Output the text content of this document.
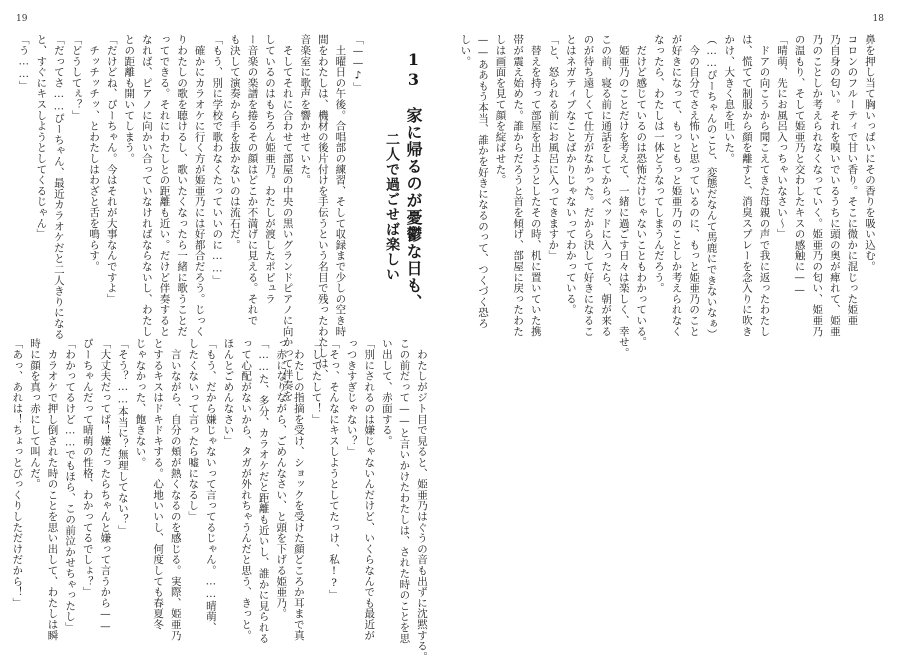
18

鼻を押し当て胸いっぱいにその香りを吸い込む。

コロンのフルーティで甘い香り。そこに微かに混じった姫亜

乃自身の匂い。それを嗅いでいるうちに頭の奥が痺れて、姫亜

乃のことしか考えられなくなっていく。姫亜乃の匂い、姫亜乃

の温もり、そして姫亜乃と交わしたキスの感触に——

「晴萌、先にお風呂入っちゃいなさい～」

　ドアの向こうから聞こえてきた母親の声で我に返ったわたし

は、慌てて制服から顔を離すと、消臭スプレーを念入りに吹き

かけ、大きく息を吐いた。

（……ぴーちゃんのこと、変態だなんて馬鹿にできないなぁ）

　今の自分でさえ怖いと思っているのに、もっと姫亜乃のこと

が好きになって、もっともっと姫亜乃のことしか考えられなく

なったら、わたしは一体どうなってしまうんだろう。

　だけど感じているのは恐怖だけじゃないこともわかっている。

　姫亜乃のことだけを考えて、一緒に過ごす日々は楽しく、幸せ。

この前、寝る前に通話をしてからベッドに入ったら、朝が来る

のが待ち遠しくて仕方がなかった。だから決して好きになるこ

とはネガティブなことばかりじゃないってわかっている。

「と、怒られる前にお風呂に入ってきますか」

　替えを持って部屋を出ようとしたその時、机に置いていた携

帯が震え始めた。誰からだろうと首を傾げ、部屋に戻ったわた

しは画面を見て顔を綻ばせた。

——ああもう本当、誰かを好きになるのって、つくづく恐ろ

しい。

19

13　家に帰るのが憂鬱な日も、

二人で過ごせば楽しい

「——♪」

　土曜日の午後。合唱部の練習、そして収録まで少しの空き時

間をわたしは、機材の後片付けを手伝うという名目で残ったわたしは、

音楽室に歌声を響かせていた。

　そしてそれに合わせて部屋の中央の黒いグランドピアノに向かって伴奏を

しているのはもちろん姫亜乃。わたしが渡したポピュラ

ー音楽の楽譜を捲るその顔はどこか不満げに見える。それで

も決して演奏から手を抜かないのは流石だ。

「もう、別に学校で歌わなくたっていいのに……」

　確かにカラオケに行く方が姫亜乃には好都合だろう。じっく

りわたしの歌を聴けるし、歌いたくなったら一緒に歌うことだ

ってできる。それにわたしとの距離も近い。だけど伴奏すると

なれば、ピアノに向かい合っていなければならないし、わたし

との距離も開いてしまう。

「だけどね、ぴーちゃん。今はそれが大事なんですよ」

　チッチッチッ、とわたしはわざと舌を鳴らす。

「どうしてぇ？」

「だってさ……ぴーちゃん、最近カラオケだと二人きりになる

と、すぐにキスしようとしてくるじゃん」

「う……」

　わたしがジト目で見ると、姫亜乃はぐうの音も出ずに沈黙する。

この前だって——と言いかけたわたしは、された時のことを思

い出して、赤面する。

「別にされるのは嫌じゃないんだけど、いくらなんでも最近が

っつきすぎじゃない？」

「そっ、そんなにキスしようとしてたっけ、私!?」

「してたして！」

　わたしの指摘を受け、ショックを受けた顔どころか耳まで真

っ赤になりながら、ごめんなさい、と頭を下げる姫亜乃。

「……た、多分、カラオケだと距離も近いし、誰かに見られる

って心配がないから、タガが外れちゃうんだと思う、きっと。

ほんとごめんなさい」

「もう、だから嫌じゃないって言ってるじゃん。……晴萌、

したくないって言ったら嘘になるし」

　言いながら、自分の頬が熱くなるのを感じる。実際、姫亜乃

とするキスはドキドキする。心地いいし、何度しても春夏冬

じゃなかった、飽きない。

「そう？……本当に？無理してない？」

「大丈夫だってば！嫌だったらちゃんと嫌って言うから——

ぴーちゃんだって晴萌の性格、わかってるでしょ？」

「わかってるけど……でもほら、この前泣かせちゃったし」

　カラオケで押し倒された時のことを思い出して、わたしは瞬

時に顔を真っ赤にして叫んだ。

「あっ、あれは！ちょっとびっくりしただけだから！」
